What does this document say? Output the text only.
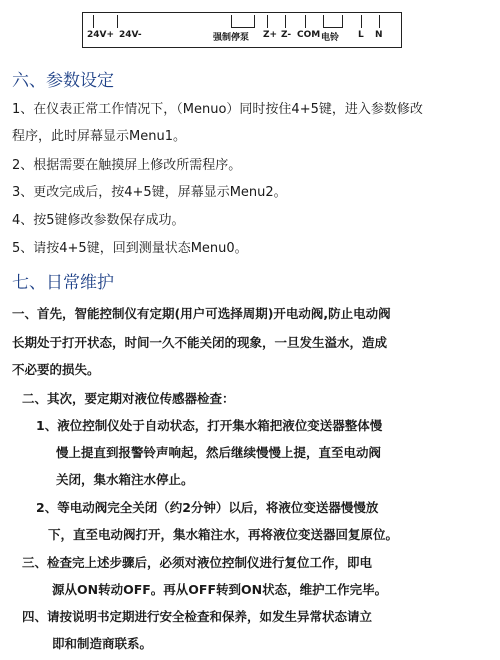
24V+ 24V-	强制停泵 Z+ Z- COM 电铃 L N
六、参数设定
1、在仪表正常工作情况下，（Menuo）同时按住4+5键，进入参数修改
程序，此时屏幕显示Menu1。
2、根据需要在触摸屏上修改所需程序。
3、更改完成后，按4+5键，屏幕显示Menu2。
4、按5键修改参数保存成功。
5、请按4+5键，回到测量状态Menu0。
七、日常维护
一、首先，智能控制仪有定期(用户可选择周期)开电动阀,防止电动阀
长期处于打开状态，时间一久不能关闭的现象，一旦发生溢水，造成
不必要的损失。
二、其次，要定期对液位传感器检查：
1、液位控制仪处于自动状态，打开集水箱把液位变送器整体慢
慢上提直到报警铃声响起，然后继续慢慢上提，直至电动阀
关闭，集水箱注水停止。
2、等电动阀完全关闭（约2分钟）以后，将液位变送器慢慢放
下，直至电动阀打开，集水箱注水，再将液位变送器回复原位。
三、检查完上述步骤后，必须对液位控制仪进行复位工作，即电
源从ON转动OFF。再从OFF转到ON状态，维护工作完毕。
四、请按说明书定期进行安全检查和保养，如发生异常状态请立
即和制造商联系。
